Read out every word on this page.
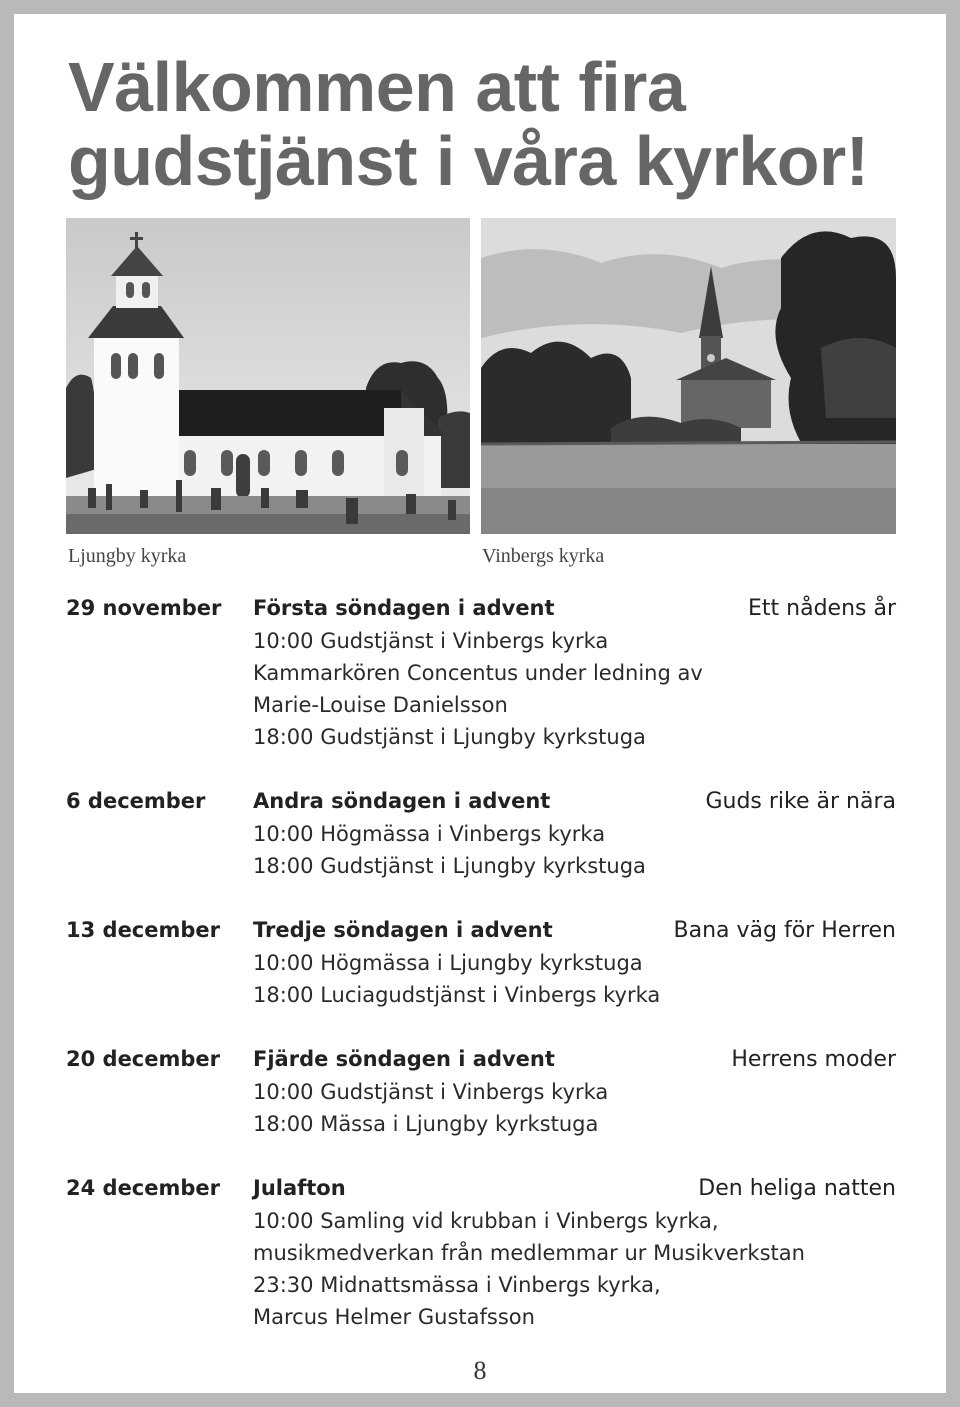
Välkommen att fira
gudstjänst i våra kyrkor!
Ljungby kyrka	Vinbergs kyrka
29 november Första söndagen i advent	Ett nådens år
10:00 Gudstjänst i Vinbergs kyrka
Kammarkören Concentus under ledning av
Marie-Louise Danielsson
18:00 Gudstjänst i Ljungby kyrkstuga
6 december Andra söndagen i advent	Guds rike är nära
10:00 Högmässa i Vinbergs kyrka
18:00 Gudstjänst i Ljungby kyrkstuga
13 december Tredje söndagen i advent	Bana väg för Herren
10:00 Högmässa i Ljungby kyrkstuga
18:00 Luciagudstjänst i Vinbergs kyrka
20 december Fjärde söndagen i advent	Herrens moder
10:00 Gudstjänst i Vinbergs kyrka
18:00 Mässa i Ljungby kyrkstuga
24 december Julafton	Den heliga natten
10:00 Samling vid krubban i Vinbergs kyrka,
musikmedverkan från medlemmar ur Musikverkstan
23:30 Midnattsmässa i Vinbergs kyrka,
Marcus Helmer Gustafsson
8
